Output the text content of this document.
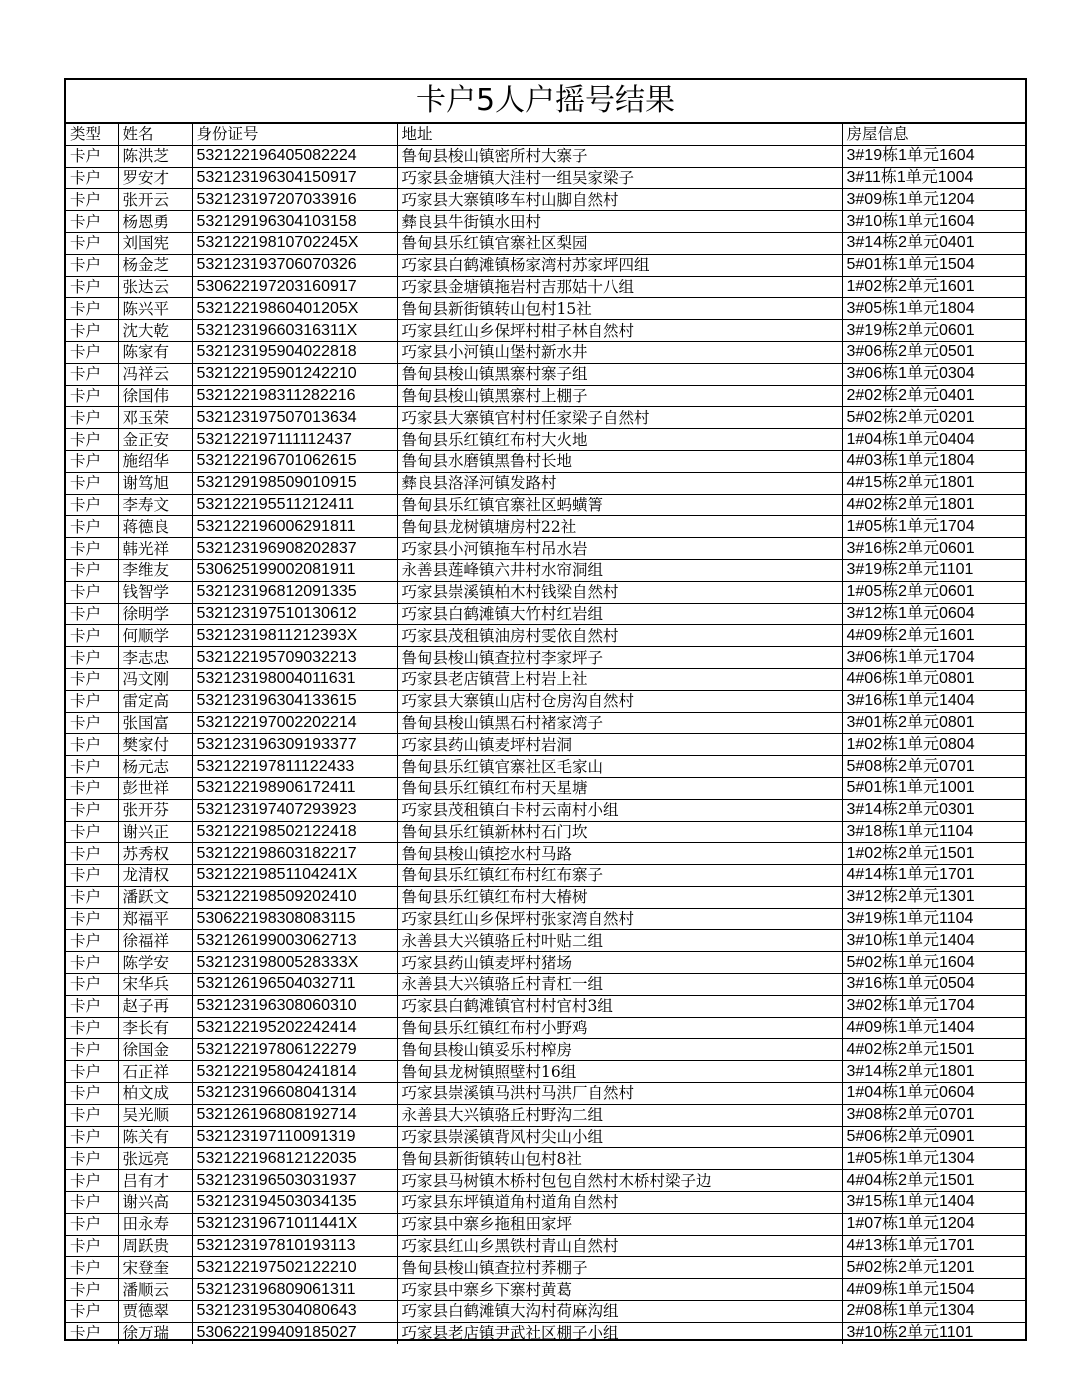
卡户5人户摇号结果
类型	姓名	身份证号	地址	房屋信息
卡户	陈洪芝	532122196405082224	鲁甸县梭山镇密所村大寨子	3#19栋1单元1604
卡户	罗安才	532123196304150917	巧家县金塘镇大洼村一组吴家梁子	3#11栋1单元1004
卡户	张开云	532123197207033916	巧家县大寨镇哆车村山脚自然村	3#09栋1单元1204
卡户	杨恩勇	532129196304103158	彝良县牛街镇水田村	3#10栋1单元1604
卡户	刘国宪	53212219810702245X	鲁甸县乐红镇官寨社区梨园	3#14栋2单元0401
卡户	杨金芝	532123193706070326	巧家县白鹤滩镇杨家湾村苏家坪四组	5#01栋1单元1504
卡户	张达云	530622197203160917	巧家县金塘镇拖岩村吉那姑十八组	1#02栋2单元1601
卡户	陈兴平	53212219860401205X	鲁甸县新街镇转山包村15社	3#05栋1单元1804
卡户	沈大乾	53212319660316311X	巧家县红山乡保坪村柑子林自然村	3#19栋2单元0601
卡户	陈家有	532123195904022818	巧家县小河镇山堡村新水井	3#06栋2单元0501
卡户	冯祥云	532122195901242210	鲁甸县梭山镇黑寨村寨子组	3#06栋1单元0304
卡户	徐国伟	532122198311282216	鲁甸县梭山镇黑寨村上棚子	2#02栋2单元0401
卡户	邓玉荣	532123197507013634	巧家县大寨镇官村村任家梁子自然村	5#02栋2单元0201
卡户	金正安	532122197111112437	鲁甸县乐红镇红布村大火地	1#04栋1单元0404
卡户	施绍华	532122196701062615	鲁甸县水磨镇黑鲁村长地	4#03栋1单元1804
卡户	谢笃旭	532129198509010915	彝良县洛泽河镇发路村	4#15栋2单元1801
卡户	李寿文	532122195511212411	鲁甸县乐红镇官寨社区蚂蟥箐	4#02栋2单元1801
卡户	蒋德良	532122196006291811	鲁甸县龙树镇塘房村22社	1#05栋1单元1704
卡户	韩光祥	532123196908202837	巧家县小河镇拖车村吊水岩	3#16栋2单元0601
卡户	李维友	530625199002081911	永善县莲峰镇六井村水帘洞组	3#19栋2单元1101
卡户	钱智学	532123196812091335	巧家县崇溪镇柏木村钱梁自然村	1#05栋2单元0601
卡户	徐明学	532123197510130612	巧家县白鹤滩镇大竹村红岩组	3#12栋1单元0604
卡户	何顺学	53212319811212393X	巧家县茂租镇油房村雯依自然村	4#09栋2单元1601
卡户	李志忠	532122195709032213	鲁甸县梭山镇查拉村李家坪子	3#06栋1单元1704
卡户	冯文刚	532123198004011631	巧家县老店镇营上村岩上社	4#06栋1单元0801
卡户	雷定高	532123196304133615	巧家县大寨镇山店村仓房沟自然村	3#16栋1单元1404
卡户	张国富	532122197002202214	鲁甸县梭山镇黑石村褚家湾子	3#01栋2单元0801
卡户	樊家付	532123196309193377	巧家县药山镇麦坪村岩洞	1#02栋1单元0804
卡户	杨元志	532122197811122433	鲁甸县乐红镇官寨社区毛家山	5#08栋2单元0701
卡户	彭世祥	532122198906172411	鲁甸县乐红镇红布村天星塘	5#01栋1单元1001
卡户	张开芬	532123197407293923	巧家县茂租镇白卡村云南村小组	3#14栋2单元0301
卡户	谢兴正	532122198502122418	鲁甸县乐红镇新林村石门坎	3#18栋1单元1104
卡户	苏秀权	532122198603182217	鲁甸县梭山镇挖水村马路	1#02栋2单元1501
卡户	龙清权	53212219851104241X	鲁甸县乐红镇红布村红布寨子	4#14栋1单元1701
卡户	潘跃文	532122198509202410	鲁甸县乐红镇红布村大椿树	3#12栋2单元1301
卡户	郑福平	530622198308083115	巧家县红山乡保坪村张家湾自然村	3#19栋1单元1104
卡户	徐福祥	532126199003062713	永善县大兴镇骆丘村叶贴二组	3#10栋1单元1404
卡户	陈学安	53212319800528333X	巧家县药山镇麦坪村猪场	5#02栋1单元1604
卡户	宋华兵	532126196504032711	永善县大兴镇骆丘村青杠一组	3#16栋1单元0504
卡户	赵子再	532123196308060310	巧家县白鹤滩镇官村村官村3组	3#02栋1单元1704
卡户	李长有	532122195202242414	鲁甸县乐红镇红布村小野鸡	4#09栋1单元1404
卡户	徐国金	532122197806122279	鲁甸县梭山镇妥乐村榨房	4#02栋2单元1501
卡户	石正祥	532122195804241814	鲁甸县龙树镇照壁村16组	3#14栋2单元1801
卡户	柏文成	532123196608041314	巧家县崇溪镇马洪村马洪厂自然村	1#04栋1单元0604
卡户	吴光顺	532126196808192714	永善县大兴镇骆丘村野沟二组	3#08栋2单元0701
卡户	陈关有	532123197110091319	巧家县崇溪镇背风村尖山小组	5#06栋2单元0901
卡户	张远亮	532122196812122035	鲁甸县新街镇转山包村8社	1#05栋1单元1304
卡户	吕有才	532123196503031937	巧家县马树镇木桥村包包自然村木桥村梁子边	4#04栋2单元1501
卡户	谢兴高	532123194503034135	巧家县东坪镇道角村道角自然村	3#15栋1单元1404
卡户	田永寿	53212319671011441X	巧家县中寨乡拖租田家坪	1#07栋1单元1204
卡户	周跃贵	532123197810193113	巧家县红山乡黑铁村青山自然村	4#13栋1单元1701
卡户	宋登奎	532122197502122210	鲁甸县梭山镇查拉村荞棚子	5#02栋2单元1201
卡户	潘顺云	532123196809061311	巧家县中寨乡下寨村黄葛	4#09栋1单元1504
卡户	贾德翠	532123195304080643	巧家县白鹤滩镇大沟村荷麻沟组	2#08栋1单元1304
卡户	徐万瑞	530622199409185027	巧家县老店镇尹武社区棚子小组	3#10栋2单元1101
